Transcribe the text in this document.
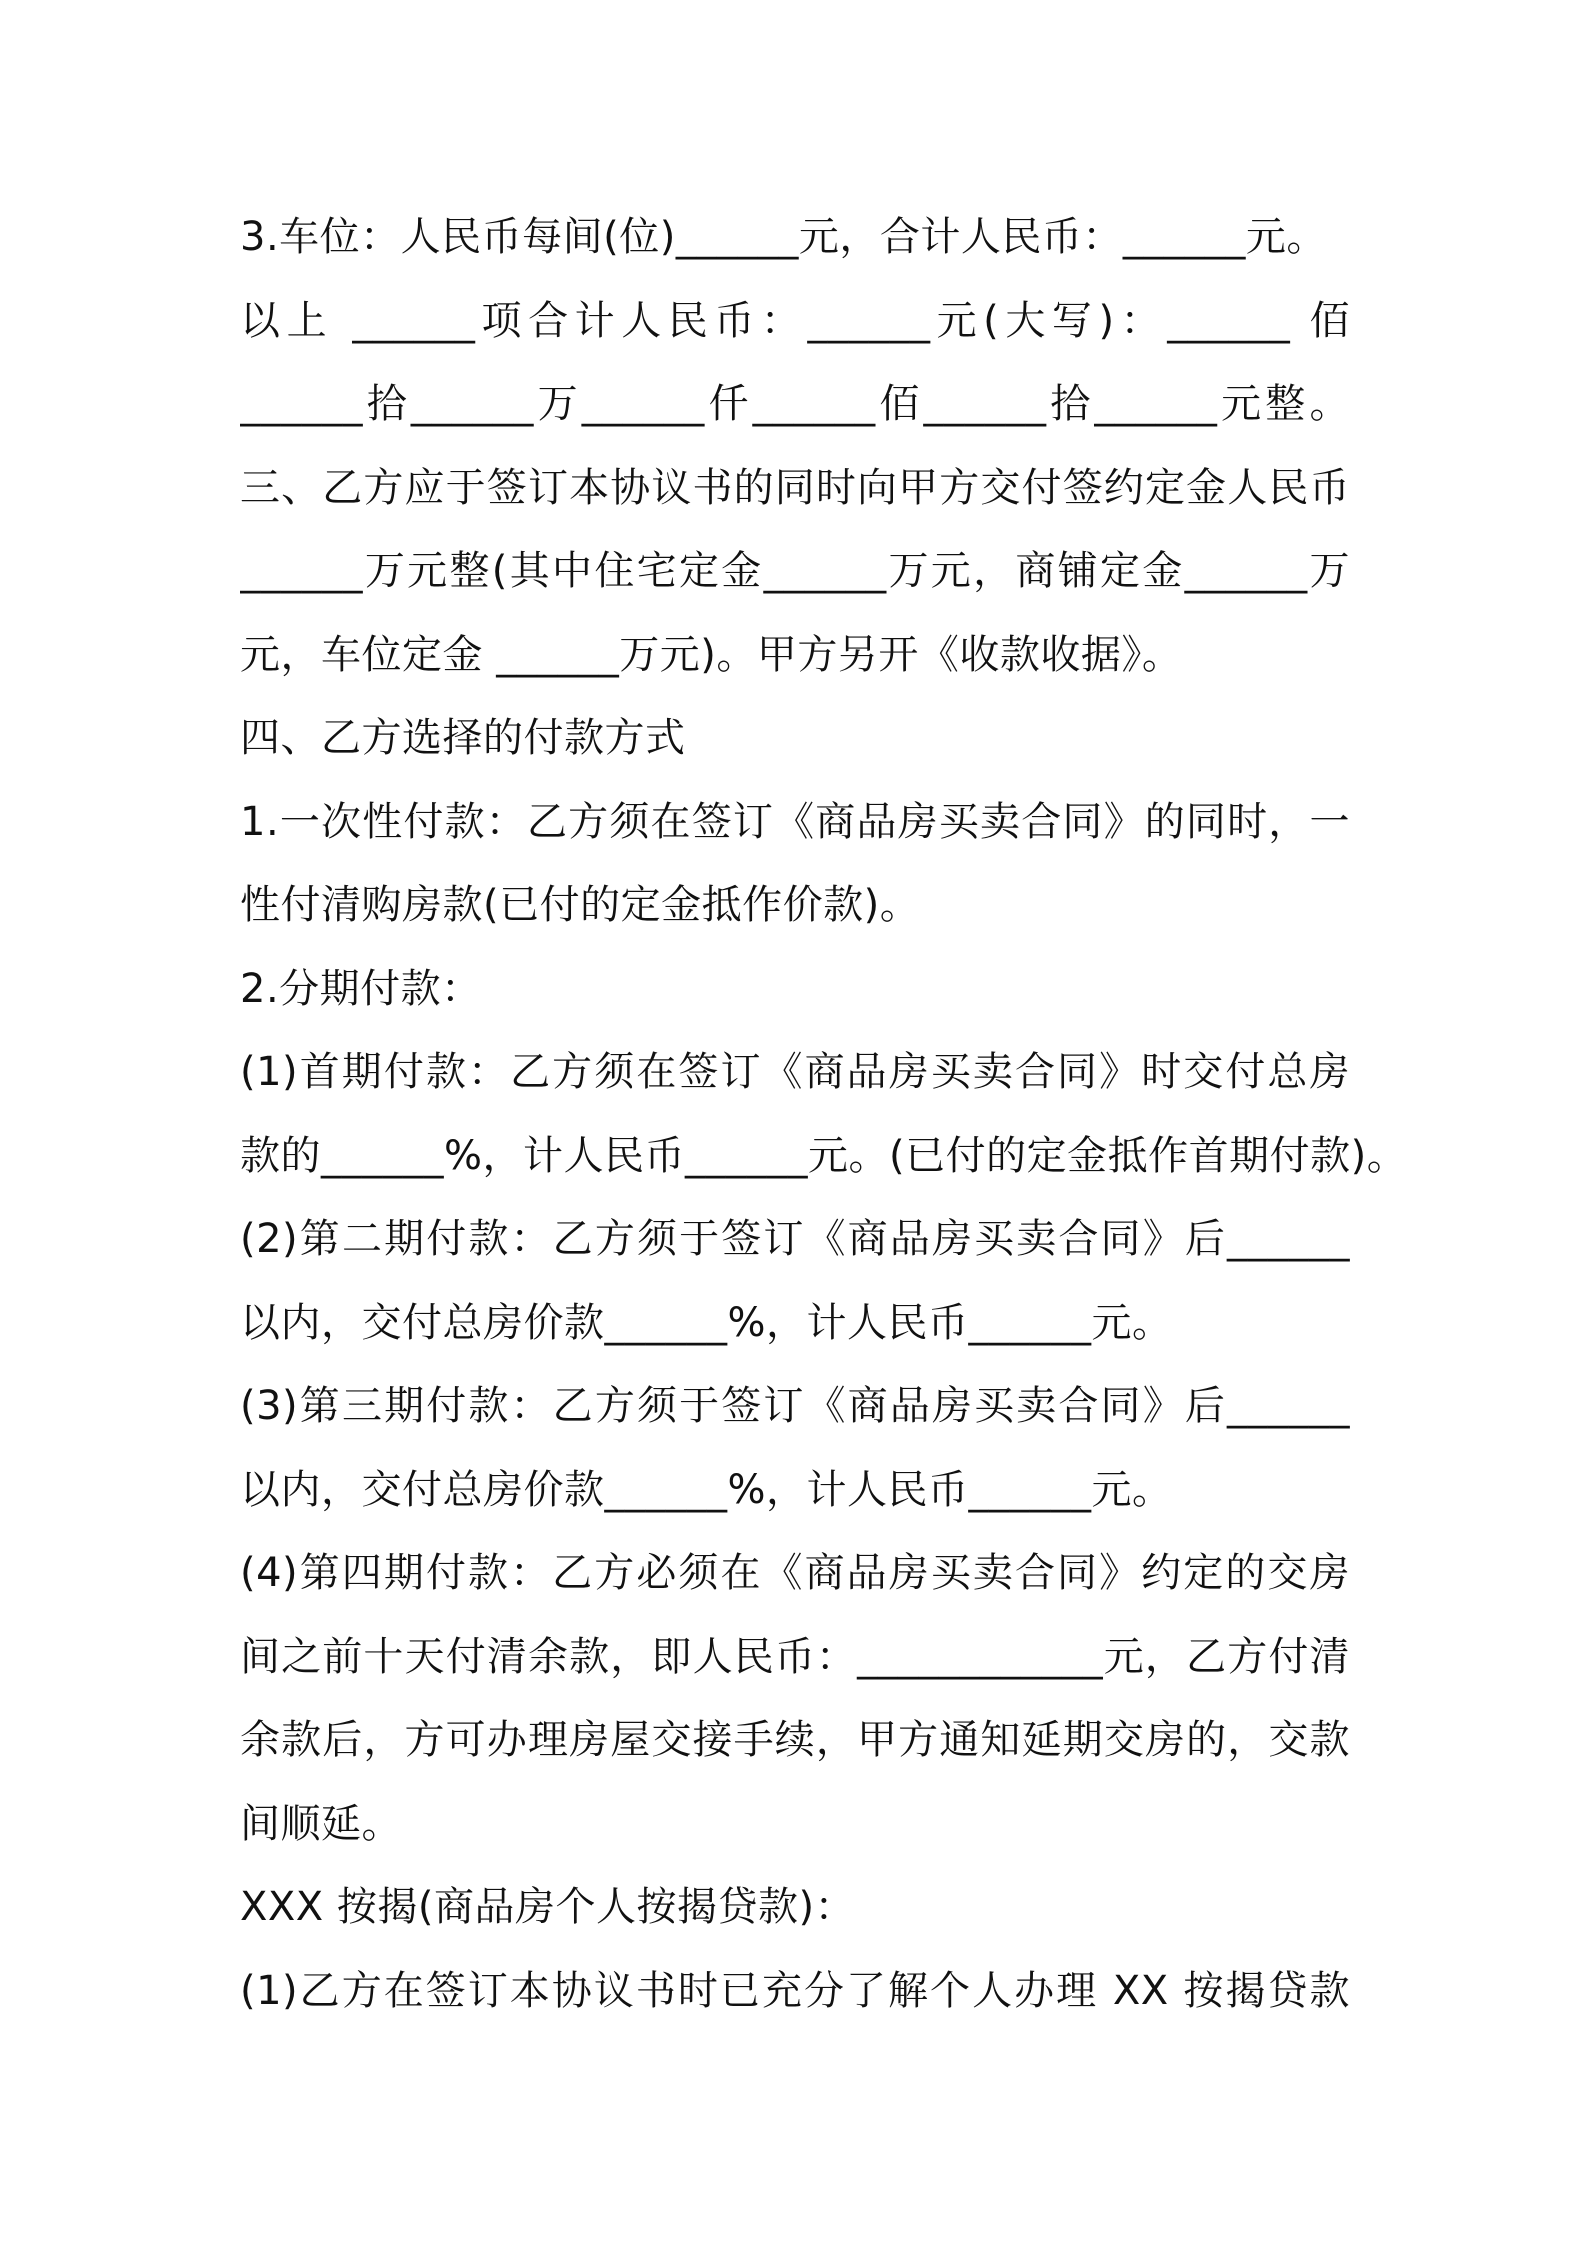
3.车位：人民币每间(位)______元，合计人民币：______元。
以上 ______项合计人民币：______元(大写)：______ 佰
______拾______万______仟______佰______拾______元整。
三、乙方应于签订本协议书的同时向甲方交付签约定金人民币
______万元整(其中住宅定金______万元，商铺定金______万
元，车位定金 ______万元)。甲方另开《收款收据》。
四、乙方选择的付款方式
1.一次性付款：乙方须在签订《商品房买卖合同》的同时，一
性付清购房款(已付的定金抵作价款)。
2.分期付款：
(1)首期付款：乙方须在签订《商品房买卖合同》时交付总房
款的______%，计人民币______元。(已付的定金抵作首期付款)。
(2)第二期付款：乙方须于签订《商品房买卖合同》后______
以内，交付总房价款______%，计人民币______元。
(3)第三期付款：乙方须于签订《商品房买卖合同》后______
以内，交付总房价款______%，计人民币______元。
(4)第四期付款：乙方必须在《商品房买卖合同》约定的交房
间之前十天付清余款，即人民币：____________元，乙方付清
余款后，方可办理房屋交接手续，甲方通知延期交房的，交款
间顺延。
XXX 按揭(商品房个人按揭贷款)：
(1)乙方在签订本协议书时已充分了解个人办理 XX 按揭贷款
